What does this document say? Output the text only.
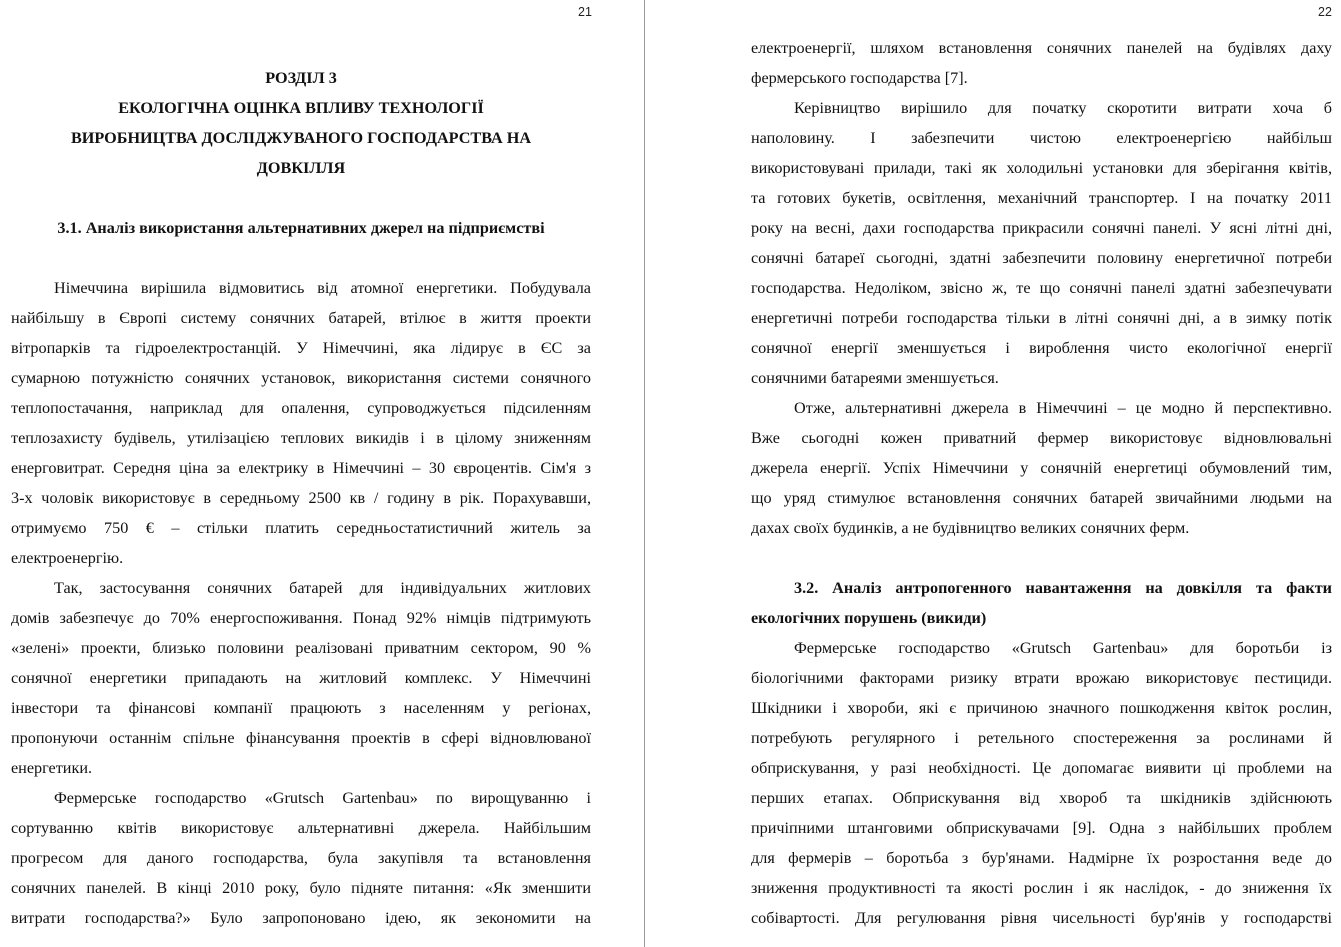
21
РОЗДІЛ 3
ЕКОЛОГІЧНА ОЦІНКА ВПЛИВУ ТЕХНОЛОГІЇ
ВИРОБНИЦТВА ДОСЛІДЖУВАНОГО ГОСПОДАРСТВА НА
ДОВКІЛЛЯ
3.1. Аналіз використання альтернативних джерел на підприємстві
Німеччина вирішила відмовитись від атомної енергетики. Побудувала
найбільшу в Європі систему сонячних батарей, втілює в життя проекти
вітропарків та гідроелектростанцій. У Німеччині, яка лідирує в ЄС за
сумарною потужністю сонячних установок, використання системи сонячного
теплопостачання, наприклад для опалення, супроводжується підсиленням
теплозахисту будівель, утилізацією теплових викидів і в цілому зниженням
енерговитрат. Середня ціна за електрику в Німеччині – 30 євроцентів. Сім'я з
3-х чоловік використовує в середньому 2500 кв / годину в рік. Порахувавши,
отримуємо 750 € – стільки платить середньостатистичний житель за
електроенергію.
Так, застосування сонячних батарей для індивідуальних житлових
домів забезпечує до 70% енергоспоживання. Понад 92% німців підтримують
«зелені» проекти, близько половини реалізовані приватним сектором, 90 %
сонячної енергетики припадають на житловий комплекс. У Німеччині
інвестори та фінансові компанії працюють з населенням у регіонах,
пропонуючи останнім спільне фінансування проектів в сфері відновлюваної
енергетики.
Фермерське господарство «Grutsch Gartenbau» по вирощуванню і
сортуванню квітів використовує альтернативні джерела. Найбільшим
прогресом для даного господарства, була закупівля та встановлення
сонячних панелей. В кінці 2010 року, було підняте питання: «Як зменшити
витрати господарства?» Було запропоновано ідею, як зекономити на
22
електроенергії, шляхом встановлення сонячних панелей на будівлях даху
фермерського господарства [7].
Керівництво вирішило для початку скоротити витрати хоча б
наполовину. І забезпечити чистою електроенергією найбільш
використовувані прилади, такі як холодильні установки для зберігання квітів,
та готових букетів, освітлення, механічний транспортер. І на початку 2011
року на весні, дахи господарства прикрасили сонячні панелі. У ясні літні дні,
сонячні батареї сьогодні, здатні забезпечити половину енергетичної потреби
господарства. Недоліком, звісно ж, те що сонячні панелі здатні забезпечувати
енергетичні потреби господарства тільки в літні сонячні дні, а в зимку потік
сонячної енергії зменшується і вироблення чисто екологічної енергії
сонячними батареями зменшується.
Отже, альтернативні джерела в Німеччині – це модно й перспективно.
Вже сьогодні кожен приватний фермер використовує відновлювальні
джерела енергії. Успіх Німеччини у сонячній енергетиці обумовлений тим,
що уряд стимулює встановлення сонячних батарей звичайними людьми на
дахах своїх будинків, а не будівництво великих сонячних ферм.
3.2. Аналіз антропогенного навантаження на довкілля та факти
екологічних порушень (викиди)
Фермерське господарство «Grutsch Gartenbau» для боротьби із
біологічними факторами ризику втрати врожаю використовує пестициди.
Шкідники і хвороби, які є причиною значного пошкодження квіток рослин,
потребують регулярного і ретельного спостереження за рослинами й
обприскування, у разі необхідності. Це допомагає виявити ці проблеми на
перших етапах. Обприскування від хвороб та шкідників здійснюють
причіпними штанговими обприскувачами [9]. Одна з найбільших проблем
для фермерів – боротьба з бур'янами. Надмірне їх розростання веде до
зниження продуктивності та якості рослин і як наслідок, - до зниження їх
собівартості. Для регулювання рівня чисельності бур'янів у господарстві
